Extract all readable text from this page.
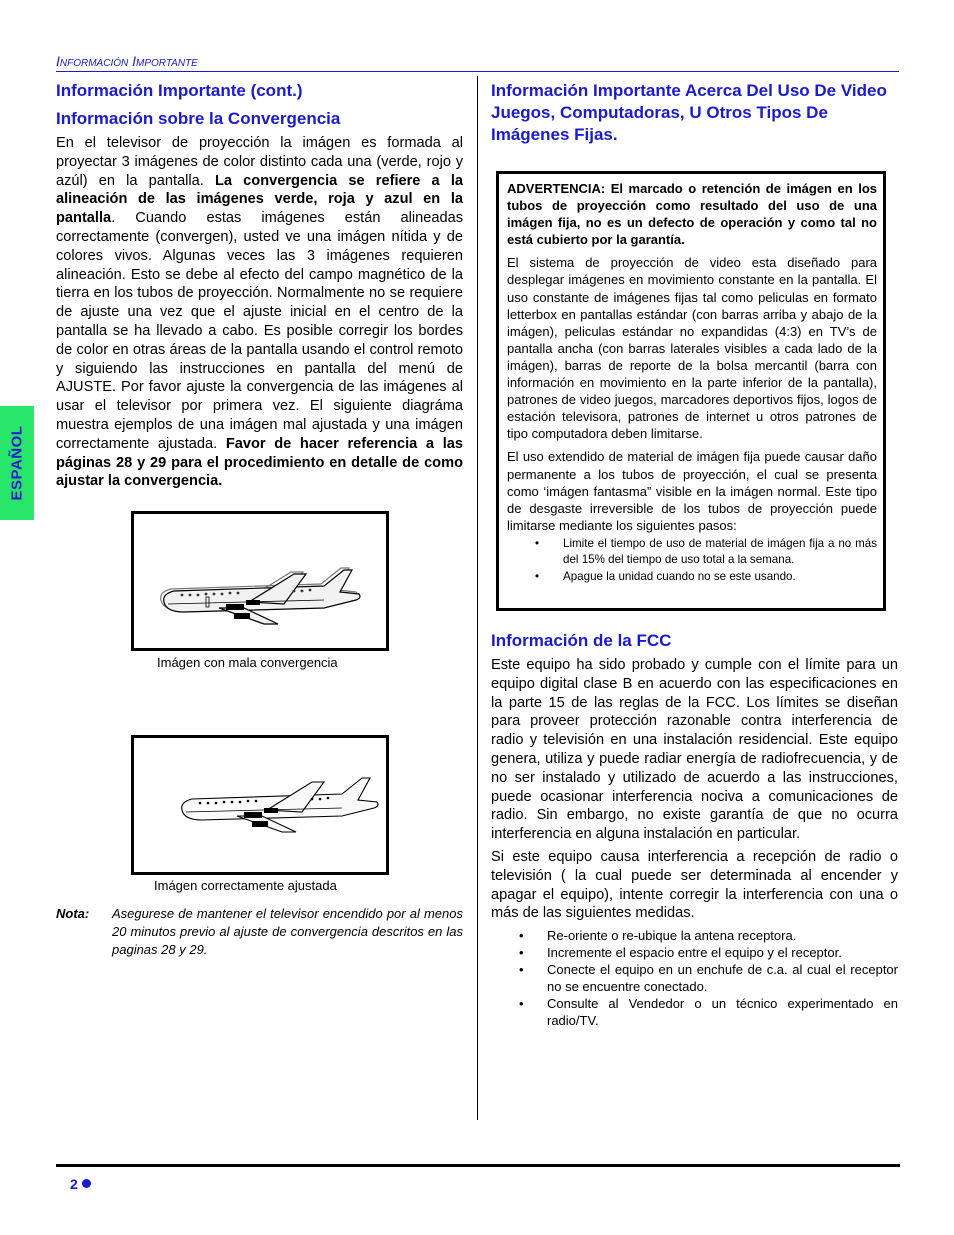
Información Importante
ESPAÑOL
Información Importante (cont.)
Información sobre la Convergencia

En el televisor de proyección la imágen es formada al proyectar 3 imágenes de color distinto cada una (verde, rojo y azúl) en la pantalla. La convergencia se refiere a la alineación de las imágenes verde, roja y azul en la pantalla. Cuando estas imágenes están alineadas correctamente (convergen), usted ve una imágen nítida y de colores vivos. Algunas veces las 3 imágenes requieren alineación. Esto se debe al efecto del campo magnético de la tierra en los tubos de proyección. Normalmente no se requiere de ajuste una vez que el ajuste inicial en el centro de la pantalla se ha llevado a cabo. Es posible corregir los bordes de color en otras áreas de la pantalla usando el control remoto y siguiendo las instrucciones en pantalla del menú de AJUSTE. Por favor ajuste la convergencia de las imágenes al usar el televisor por primera vez. El siguiente diagráma muestra ejemplos de una imágen mal ajustada y una imágen correctamente ajustada. Favor de hacer referencia a las páginas 28 y 29 para el procedimiento en detalle de como ajustar la convergencia.

Imágen con mala convergencia
Imágen correctamente ajustada
Nota: Asegurese de mantener el televisor encendido por al menos 20 minutos previo al ajuste de convergencia descritos en las paginas 28 y 29.
Información Importante Acerca Del Uso De Video Juegos, Computadoras, U Otros Tipos De Imágenes Fijas.

ADVERTENCIA: El marcado o retención de imágen en los tubos de proyección como resultado del uso de una imágen fija, no es un defecto de operación y como tal no está cubierto por la garantía.

El sistema de proyección de video esta diseñado para desplegar imágenes en movimiento constante en la pantalla. El uso constante de imágenes fijas tal como peliculas en formato letterbox en pantallas estándar (con barras arriba y abajo de la imágen), peliculas estándar no expandidas (4:3) en TV’s de pantalla ancha (con barras laterales visibles a cada lado de la imágen), barras de reporte de la bolsa mercantil (barra con información en movimiento en la parte inferior de la pantalla), patrones de video juegos, marcadores deportivos fijos, logos de estación televisora, patrones de internet u otros patrones de tipo computadora deben limitarse.

El uso extendido de material de imágen fija puede causar daño permanente a los tubos de proyección, el cual se presenta como ‘imágen fantasma” visible en la imágen normal. Este tipo de desgaste irreversible de los tubos de proyección puede limitarse mediante los siguientes pasos:

• Limite el tiempo de uso de material de imágen fija a no más del 15% del tiempo de uso total a la semana.
• Apague la unidad cuando no se este usando.
Información de la FCC

Este equipo ha sido probado y cumple con el límite para un equipo digital clase B en acuerdo con las especificaciones en la parte 15 de las reglas de la FCC. Los límites se diseñan para proveer protección razonable contra interferencia de radio y televisión en una instalación residencial. Este equipo genera, utiliza y puede radiar energía de radiofrecuencia, y de no ser instalado y utilizado de acuerdo a las instrucciones, puede ocasionar interferencia nociva a comunicaciones de radio. Sin embargo, no existe garantía de que no ocurra interferencia en alguna instalación en particular.

Si este equipo causa interferencia a recepción de radio o televisión ( la cual puede ser determinada al encender y apagar el equipo), intente corregir la interferencia con una o más de las siguientes medidas.

• Re-oriente o re-ubique la antena receptora.
• Incremente el espacio entre el equipo y el receptor.
• Conecte el equipo en un enchufe de c.a. al cual el receptor no se encuentre conectado.
• Consulte al Vendedor o un técnico experimentado en radio/TV.
2
